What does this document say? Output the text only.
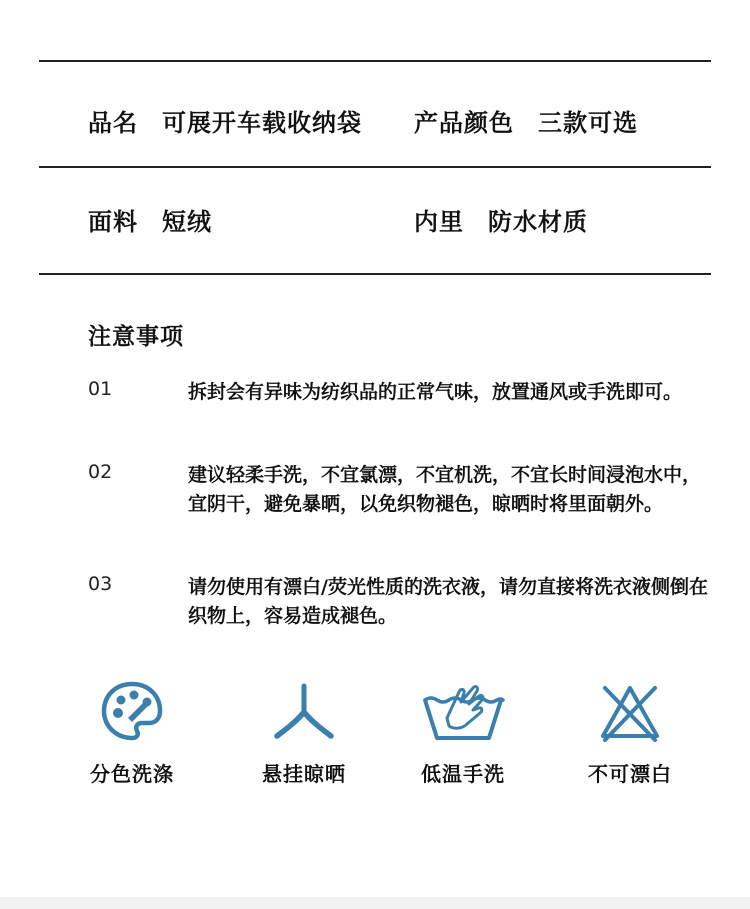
品名 可展开车载收纳袋 产品颜色 三款可选
面料 短绒	内里 防水材质
注意事项
01	拆封会有异味为纺织品的正常气味，放置通风或手洗即可。
02	建议轻柔手洗，不宜氯漂，不宜机洗，不宜长时间浸泡水中，宜阴干，避免暴晒，以免织物褪色，晾晒时将里面朝外。
03	请勿使用有漂白/荧光性质的洗衣液，请勿直接将洗衣液侧倒在织物上，容易造成褪色。
分色洗涤	悬挂晾晒	低温手洗	不可漂白
